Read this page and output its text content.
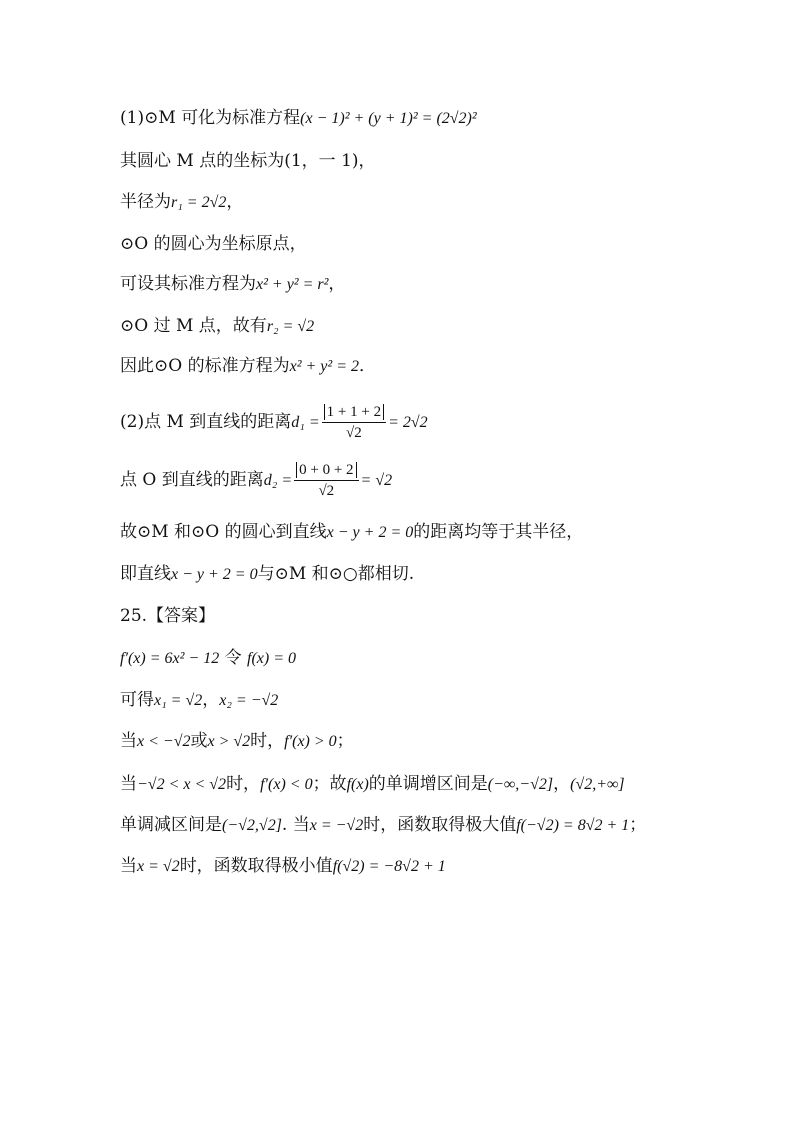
(1)⊙M 可化为标准方程(x − 1)² + (y + 1)² = (2√2)²
其圆心 M 点的坐标为(1，一 1)，
半径为r₁ = 2√2，
⊙O 的圆心为坐标原点，
可设其标准方程为x² + y² = r²，
⊙O 过 M 点，故有r₂ = √2
因此⊙O 的标准方程为x² + y² = 2．
(2)点 M 到直线的距离$d_1 = \frac{1 + 1 + 2}{√2} = 2√2$
点 O 到直线的距离$d_2 = \frac{0 + 0 + 2}{√2} = √2$
故⊙M 和⊙O 的圆心到直线x − y + 2 = 0的距离均等于其半径，
即直线x − y + 2 = 0与⊙M 和⊙○都相切.
25.【答案】
f′(x) = 6x² − 12 令 f(x) = 0
可得x₁ = √2，x₂ = −√2
当x < −√2或x > √2时，f′(x) > 0；
当−√2 < x < √2时，f′(x) < 0；故f(x)的单调增区间是(−∞,−√2]，(√2,+∞]
单调减区间是(−√2,√2]. 当x = −√2时，函数取得极大值f(−√2) = 8√2 + 1；
当x = √2时，函数取得极小值f(√2) = −8√2 + 1
